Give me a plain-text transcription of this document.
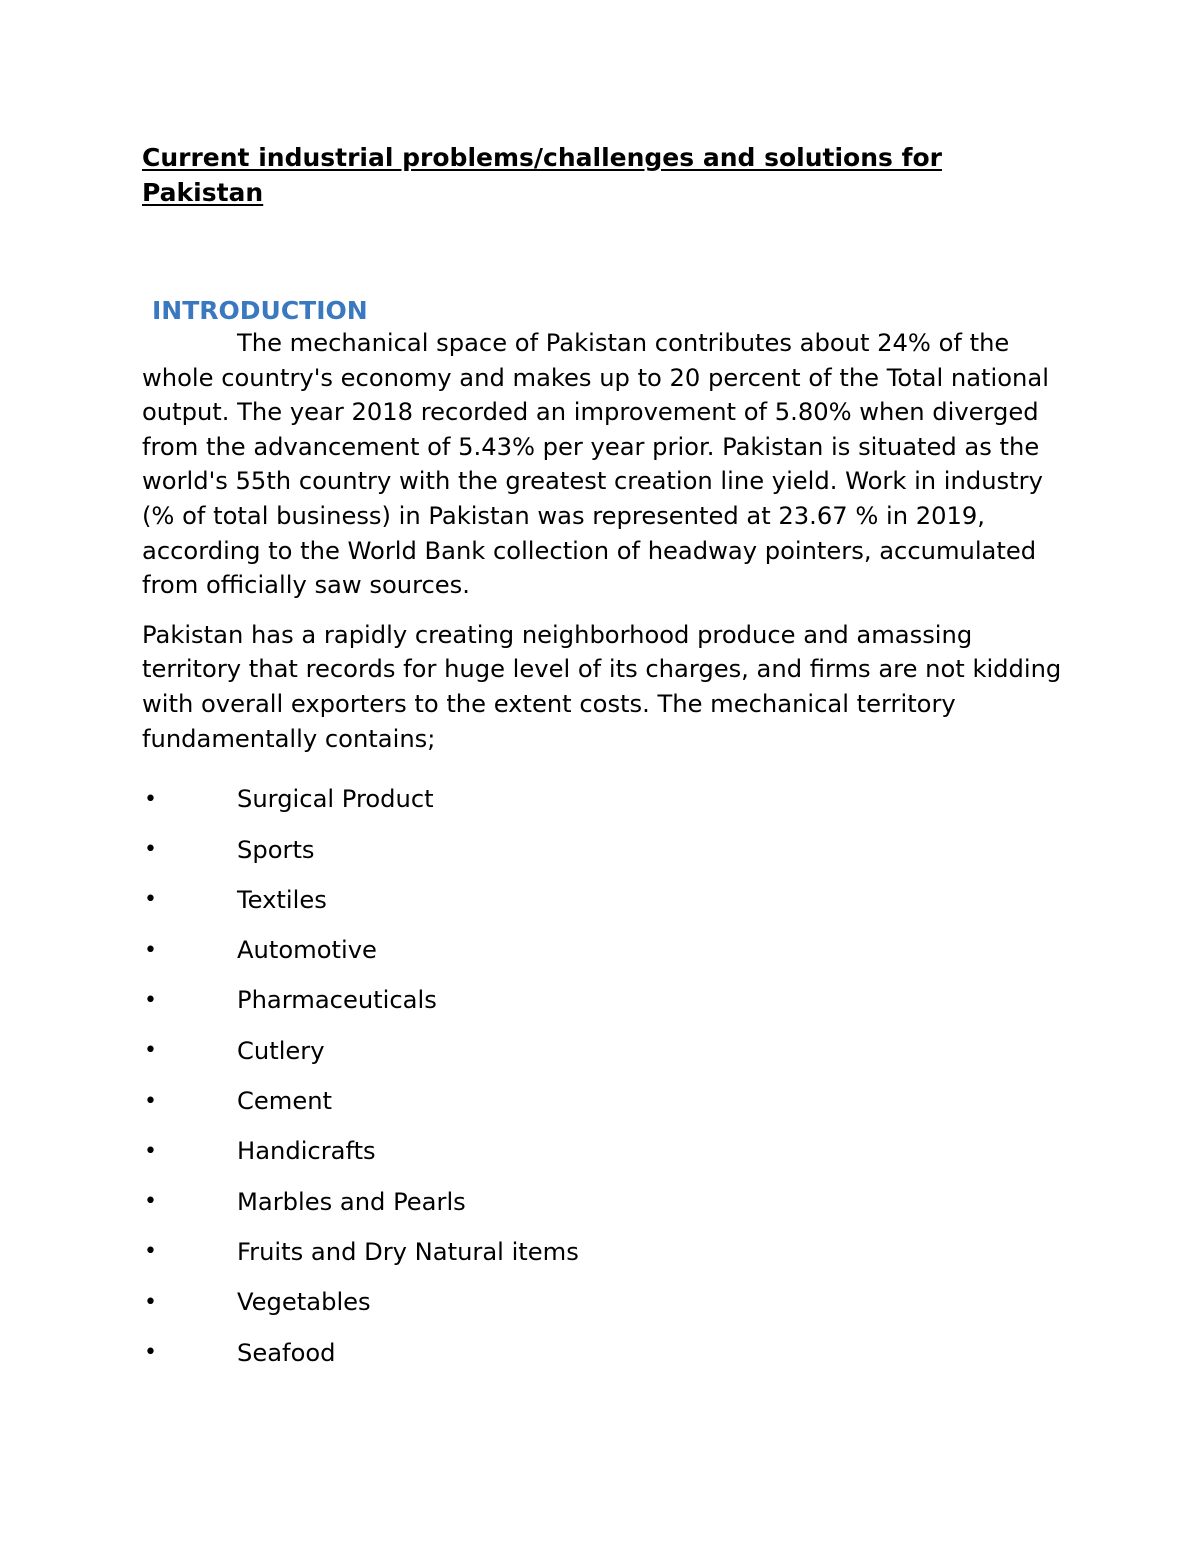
Current industrial problems/challenges and solutions for Pakistan
INTRODUCTION

The mechanical space of Pakistan contributes about 24% of the whole country's economy and makes up to 20 percent of the Total national output. The year 2018 recorded an improvement of 5.80% when diverged from the advancement of 5.43% per year prior. Pakistan is situated as the world's 55th country with the greatest creation line yield. Work in industry (% of total business) in Pakistan was represented at 23.67 % in 2019, according to the World Bank collection of headway pointers, accumulated from officially saw sources.

Pakistan has a rapidly creating neighborhood produce and amassing territory that records for huge level of its charges, and firms are not kidding with overall exporters to the extent costs. The mechanical territory fundamentally contains;

•	Surgical Product
•	Sports
•	Textiles
•	Automotive
•	Pharmaceuticals
•	Cutlery
•	Cement
•	Handicrafts
•	Marbles and Pearls
•	Fruits and Dry Natural items
•	Vegetables
•	Seafood
